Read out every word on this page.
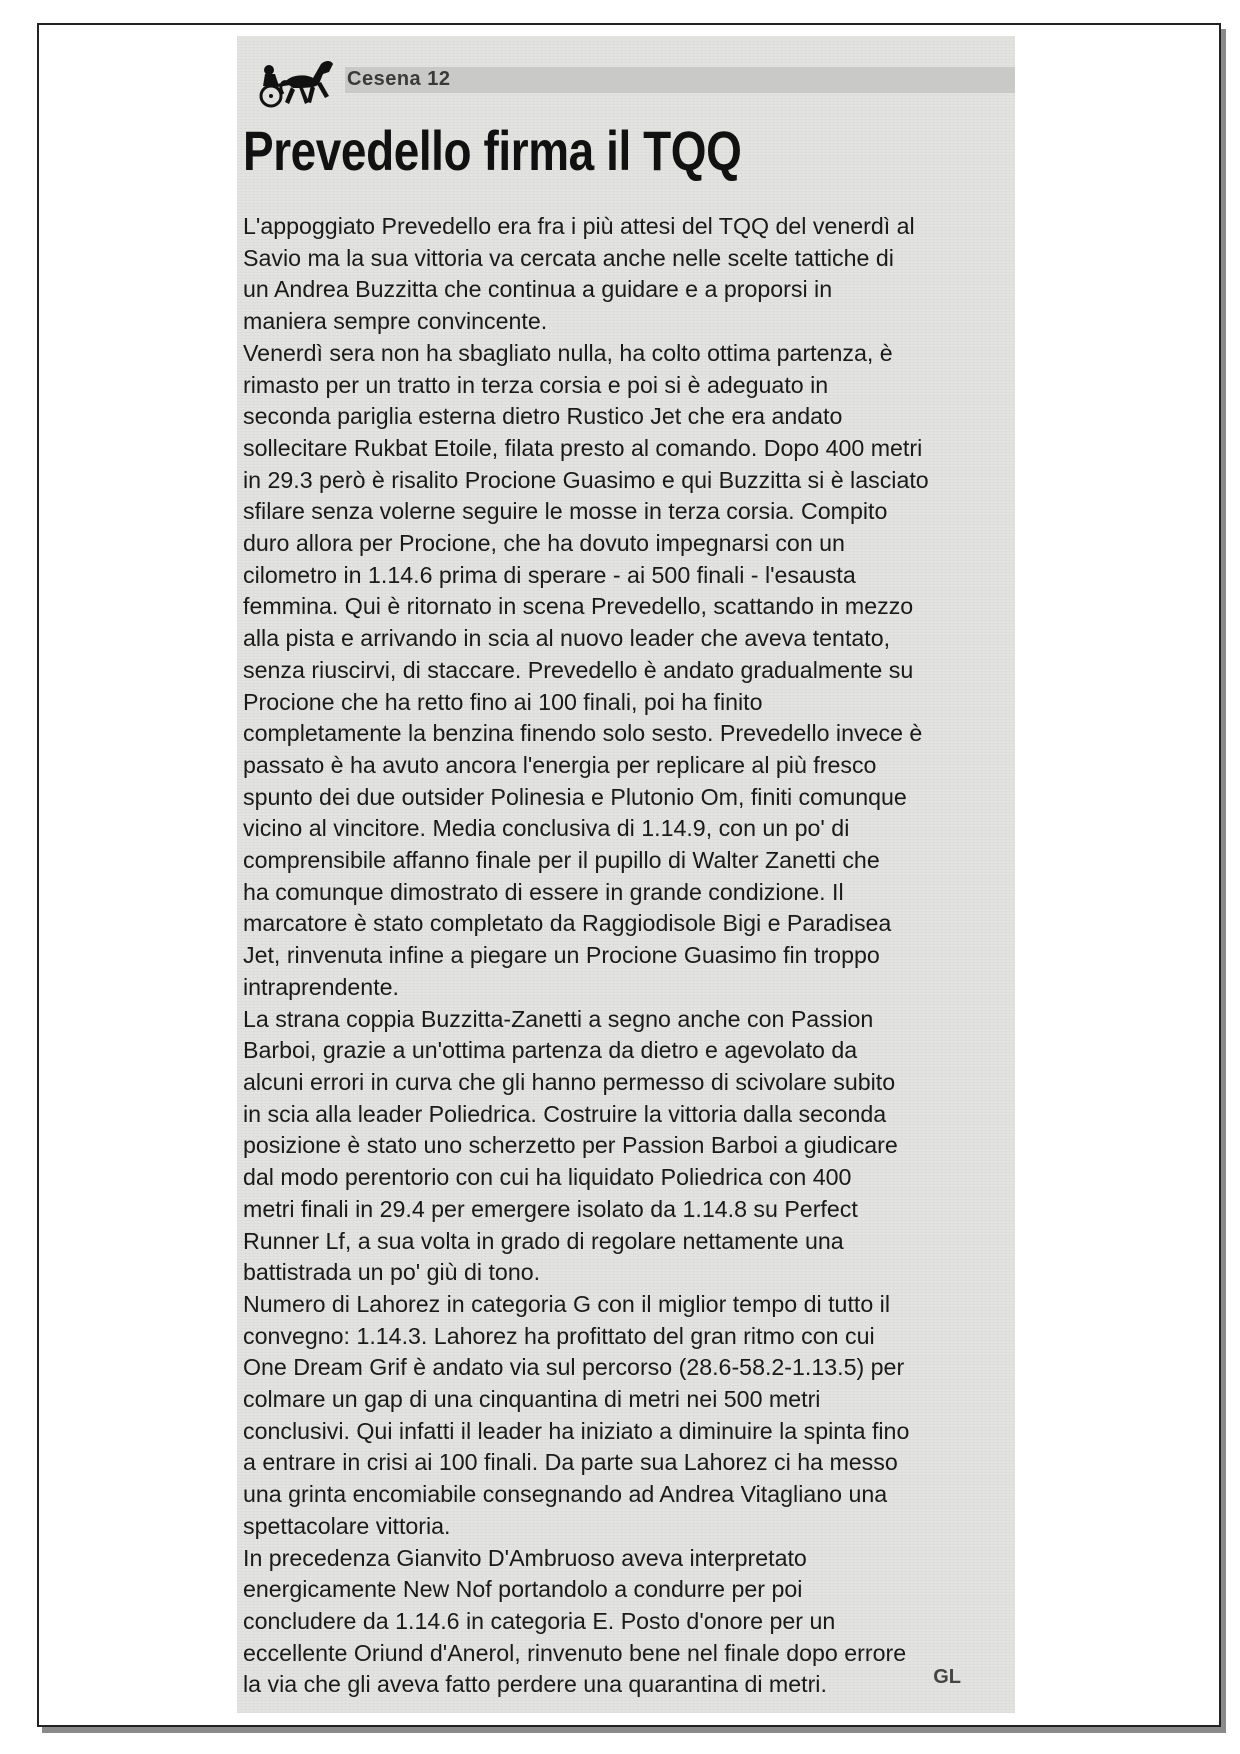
Cesena 12
Prevedello firma il TQQ
L'appoggiato Prevedello era fra i più attesi del TQQ del venerdì al
Savio ma la sua vittoria va cercata anche nelle scelte tattiche di
un Andrea Buzzitta che continua a guidare e a proporsi in
maniera sempre convincente.
Venerdì sera non ha sbagliato nulla, ha colto ottima partenza, è
rimasto per un tratto in terza corsia e poi si è adeguato in
seconda pariglia esterna dietro Rustico Jet che era andato
sollecitare Rukbat Etoile, filata presto al comando. Dopo 400 metri
in 29.3 però è risalito Procione Guasimo e qui Buzzitta si è lasciato
sfilare senza volerne seguire le mosse in terza corsia. Compito
duro allora per Procione, che ha dovuto impegnarsi con un
cilometro in 1.14.6 prima di sperare - ai 500 finali - l'esausta
femmina. Qui è ritornato in scena Prevedello, scattando in mezzo
alla pista e arrivando in scia al nuovo leader che aveva tentato,
senza riuscirvi, di staccare. Prevedello è andato gradualmente su
Procione che ha retto fino ai 100 finali, poi ha finito
completamente la benzina finendo solo sesto. Prevedello invece è
passato è ha avuto ancora l'energia per replicare al più fresco
spunto dei due outsider Polinesia e Plutonio Om, finiti comunque
vicino al vincitore. Media conclusiva di 1.14.9, con un po' di
comprensibile affanno finale per il pupillo di Walter Zanetti che
ha comunque dimostrato di essere in grande condizione. Il
marcatore è stato completato da Raggiodisole Bigi e Paradisea
Jet, rinvenuta infine a piegare un Procione Guasimo fin troppo
intraprendente.
La strana coppia Buzzitta-Zanetti a segno anche con Passion
Barboi, grazie a un'ottima partenza da dietro e agevolato da
alcuni errori in curva che gli hanno permesso di scivolare subito
in scia alla leader Poliedrica. Costruire la vittoria dalla seconda
posizione è stato uno scherzetto per Passion Barboi a giudicare
dal modo perentorio con cui ha liquidato Poliedrica con 400
metri finali in 29.4 per emergere isolato da 1.14.8 su Perfect
Runner Lf, a sua volta in grado di regolare nettamente una
battistrada un po' giù di tono.
Numero di Lahorez in categoria G con il miglior tempo di tutto il
convegno: 1.14.3. Lahorez ha profittato del gran ritmo con cui
One Dream Grif è andato via sul percorso (28.6-58.2-1.13.5) per
colmare un gap di una cinquantina di metri nei 500 metri
conclusivi. Qui infatti il leader ha iniziato a diminuire la spinta fino
a entrare in crisi ai 100 finali. Da parte sua Lahorez ci ha messo
una grinta encomiabile consegnando ad Andrea Vitagliano una
spettacolare vittoria.
In precedenza Gianvito D'Ambruoso aveva interpretato
energicamente New Nof portandolo a condurre per poi
concludere da 1.14.6 in categoria E. Posto d'onore per un
eccellente Oriund d'Anerol, rinvenuto bene nel finale dopo errore
la via che gli aveva fatto perdere una quarantina di metri.	GL
